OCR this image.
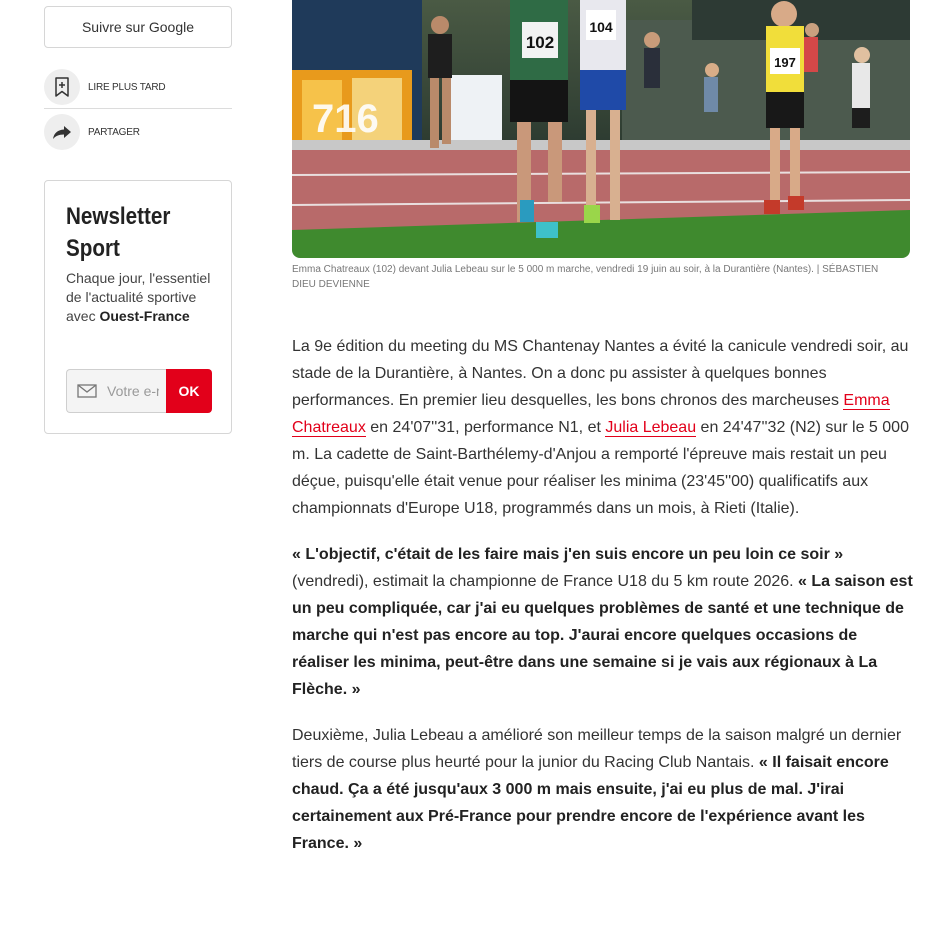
Suivre sur Google
LIRE PLUS TARD
PARTAGER
Newsletter Sport
Chaque jour, l'essentiel de l'actualité sportive avec Ouest-France
Votre e-mail
OK
102
104
197
716
Emma Chatreaux (102) devant Julia Lebeau sur le 5 000 m marche, vendredi 19 juin au soir, à la Durantière (Nantes). | SÉBASTIEN DIEU DEVIENNE

La 9e édition du meeting du MS Chantenay Nantes a évité la canicule vendredi soir, au stade de la Durantière, à Nantes. On a donc pu assister à quelques bonnes performances. En premier lieu desquelles, les bons chronos des marcheuses Emma Chatreaux en 24'07''31, performance N1, et Julia Lebeau en 24'47''32 (N2) sur le 5 000 m. La cadette de Saint-Barthélemy-d'Anjou a remporté l'épreuve mais restait un peu déçue, puisqu'elle était venue pour réaliser les minima (23'45''00) qualificatifs aux championnats d'Europe U18, programmés dans un mois, à Rieti (Italie).

« L'objectif, c'était de les faire mais j'en suis encore un peu loin ce soir » (vendredi), estimait la championne de France U18 du 5 km route 2026. « La saison est un peu compliquée, car j'ai eu quelques problèmes de santé et une technique de marche qui n'est pas encore au top. J'aurai encore quelques occasions de réaliser les minima, peut-être dans une semaine si je vais aux régionaux à La Flèche. »

Deuxième, Julia Lebeau a amélioré son meilleur temps de la saison malgré un dernier tiers de course plus heurté pour la junior du Racing Club Nantais. « Il faisait encore chaud. Ça a été jusqu'aux 3 000 m mais ensuite, j'ai eu plus de mal. J'irai certainement aux Pré-France pour prendre encore de l'expérience avant les France. »
